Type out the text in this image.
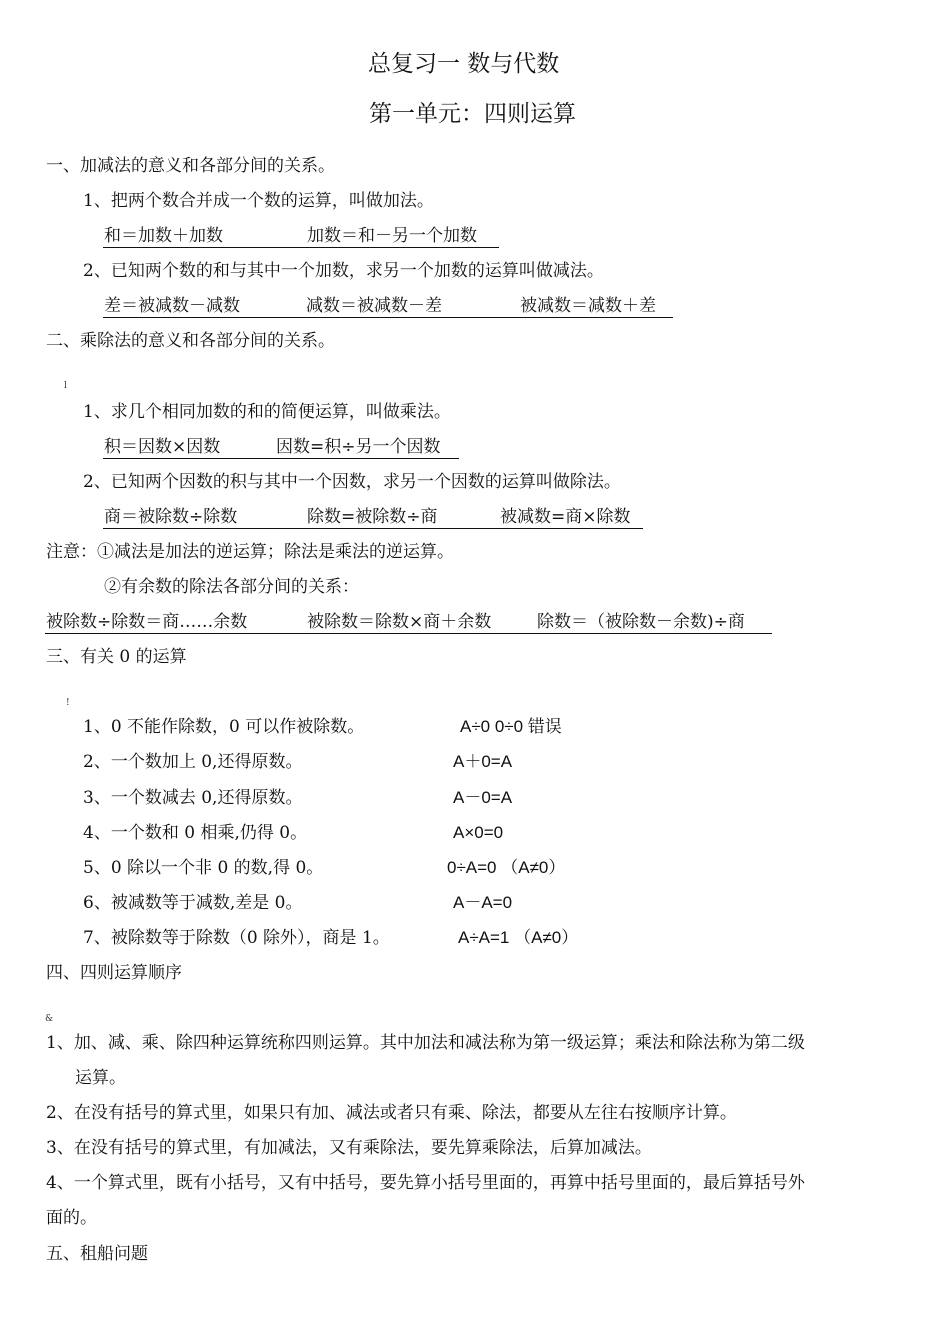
总复习一 数与代数
第一单元：四则运算
一、加减法的意义和各部分间的关系。
1、把两个数合并成一个数的运算，叫做加法。
和＝加数＋加数	加数＝和－另一个加数
2、已知两个数的和与其中一个加数，求另一个加数的运算叫做减法。
差＝被减数－减数	减数＝被减数－差	被减数＝减数＋差
二、乘除法的意义和各部分间的关系。
l
1、求几个相同加数的和的简便运算，叫做乘法。
积＝因数×因数	因数=积÷另一个因数
2、已知两个因数的积与其中一个因数，求另一个因数的运算叫做除法。
商＝被除数÷除数	除数=被除数÷商	被减数=商×除数
注意：①减法是加法的逆运算；除法是乘法的逆运算。
②有余数的除法各部分间的关系：
被除数÷除数＝商……余数	被除数＝除数×商＋余数	除数＝（被除数－余数)÷商
三、有关 0 的运算
!
1、0 不能作除数，0 可以作被除数。	A÷0 0÷0 错误
2、一个数加上 0,还得原数。	A＋0=A
3、一个数减去 0,还得原数。	A－0=A
4、一个数和 0 相乘,仍得 0。	A×0=0
5、0 除以一个非 0 的数,得 0。	0÷A=0 （A≠0）
6、被减数等于减数,差是 0。	A－A=0
7、被除数等于除数（0 除外），商是 1。	A÷A=1 （A≠0）
四、四则运算顺序
&
1、加、减、乘、除四种运算统称四则运算。其中加法和减法称为第一级运算；乘法和除法称为第二级
运算。
2、在没有括号的算式里，如果只有加、减法或者只有乘、除法，都要从左往右按顺序计算。
3、在没有括号的算式里，有加减法，又有乘除法，要先算乘除法，后算加减法。
4、一个算式里，既有小括号，又有中括号，要先算小括号里面的，再算中括号里面的，最后算括号外
面的。
五、租船问题
